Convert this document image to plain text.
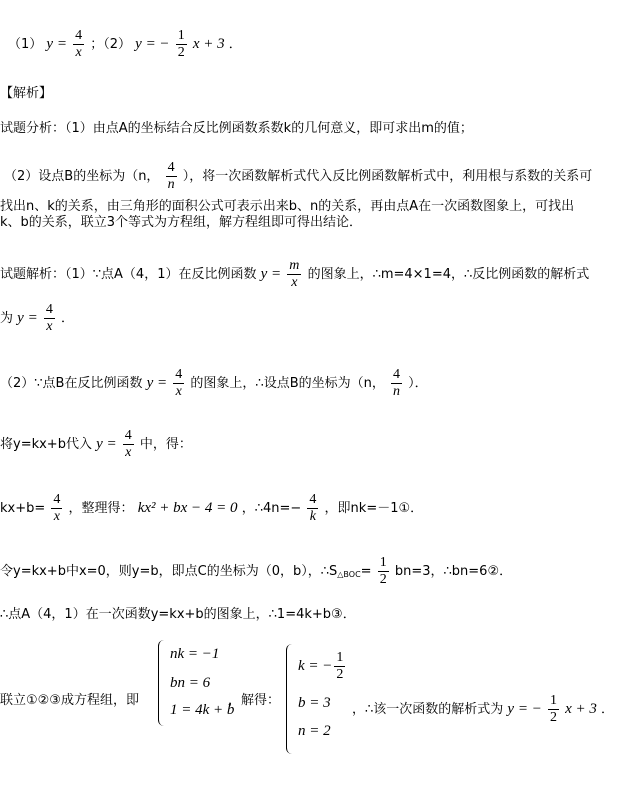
（1） $y = \frac{4}{x}$ ；（2） y = − $\frac{1}{2}$ x + 3 ．
【解析】
试题分析：（1）由点A的坐标结合反比例函数系数k的几何意义，即可求出m的值；
（2）设点B的坐标为（n， $\frac{4}{n}$ ），将一次函数解析式代入反比例函数解析式中，利用根与系数的关系可
找出n、k的关系，由三角形的面积公式可表示出来b、n的关系，再由点A在一次函数图象上，可找出
k、b的关系，联立3个等式为方程组，解方程组即可得出结论．
试题解析：（1）∵点A（4，1）在反比例函数 $y = \frac{m}{x}$ 的图象上，∴m=4×1=4，∴反比例函数的解析式
为 $y = \frac{4}{x}$ ．
（2）∵点B在反比例函数 $y = \frac{4}{x}$ 的图象上，∴设点B的坐标为（n， $\frac{4}{n}$ ）．
将y=kx+b代入 $y = \frac{4}{x}$ 中，得：
$kx+b= \frac{4}{x}$ ，整理得： kx² + bx − 4 = 0 ，∴4n=− $\frac{4}{k}$ ，即nk=－1①．
令y=kx+b中x=0，则y=b，即点C的坐标为（0，b），$\therefore S_{\triangle BOC}= \frac{1}{2} bn=3$，∴bn=6②．
∴点A（4，1）在一次函数y=kx+b的图象上，∴1=4k+b③．
联立①②③成方程组，即
nk = −1
bn = 6
1 = 4k + b
，解得：
k = − $\frac{1}{2}$
b = 3
n = 2
，∴该一次函数的解析式为 y = − $\frac{1}{2}$ x + 3 ．
